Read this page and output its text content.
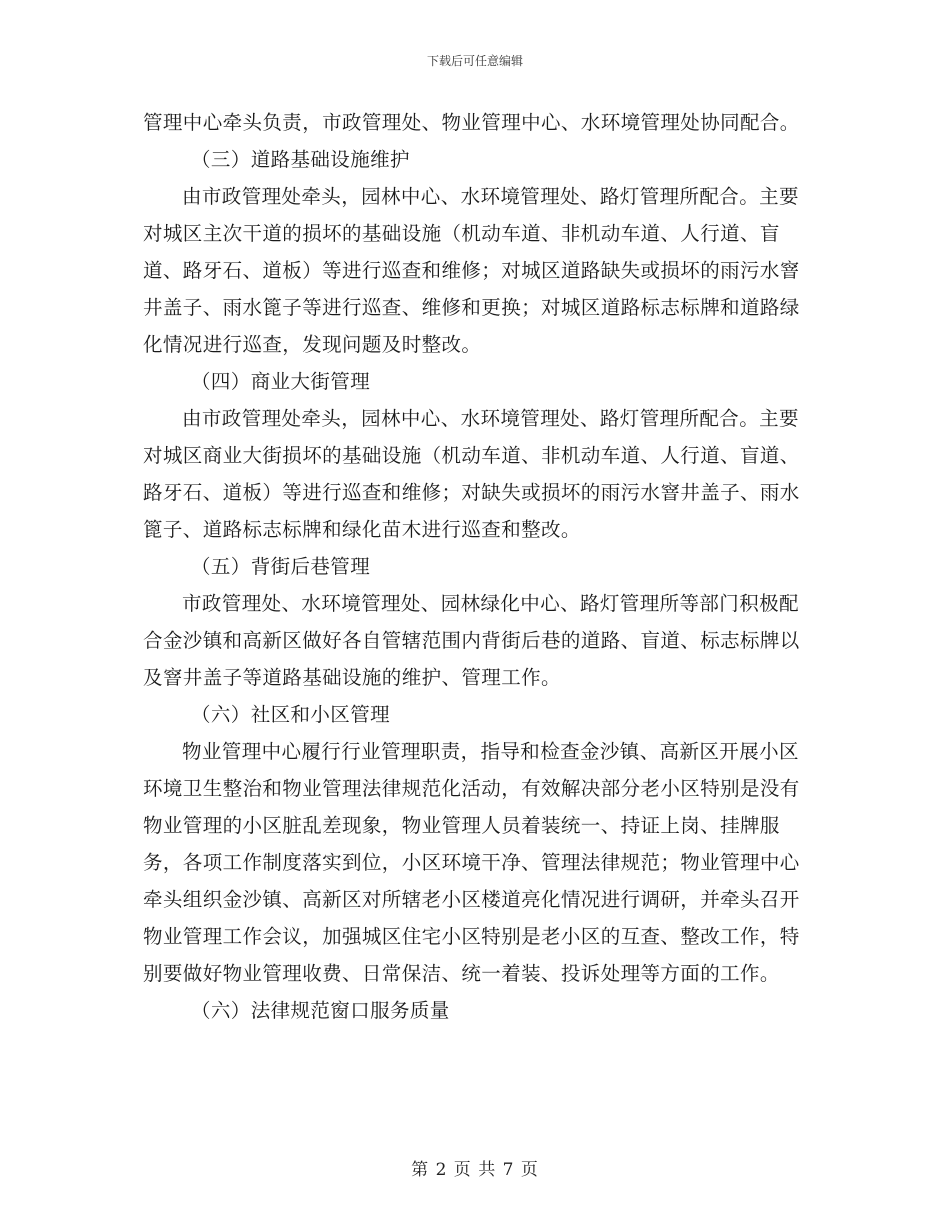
下载后可任意编辑

管理中心牵头负责，市政管理处、物业管理中心、水环境管理处协同配合。

（三）道路基础设施维护

由市政管理处牵头，园林中心、水环境管理处、路灯管理所配合。主要对城区主次干道的损坏的基础设施（机动车道、非机动车道、人行道、盲道、路牙石、道板）等进行巡查和维修；对城区道路缺失或损坏的雨污水窨井盖子、雨水篦子等进行巡查、维修和更换；对城区道路标志标牌和道路绿化情况进行巡查，发现问题及时整改。

（四）商业大街管理

由市政管理处牵头，园林中心、水环境管理处、路灯管理所配合。主要对城区商业大街损坏的基础设施（机动车道、非机动车道、人行道、盲道、路牙石、道板）等进行巡查和维修；对缺失或损坏的雨污水窨井盖子、雨水篦子、道路标志标牌和绿化苗木进行巡查和整改。

（五）背街后巷管理

市政管理处、水环境管理处、园林绿化中心、路灯管理所等部门积极配合金沙镇和高新区做好各自管辖范围内背街后巷的道路、盲道、标志标牌以及窨井盖子等道路基础设施的维护、管理工作。

（六）社区和小区管理

物业管理中心履行行业管理职责，指导和检查金沙镇、高新区开展小区环境卫生整治和物业管理法律规范化活动，有效解决部分老小区特别是没有物业管理的小区脏乱差现象，物业管理人员着装统一、持证上岗、挂牌服务，各项工作制度落实到位，小区环境干净、管理法律规范；物业管理中心牵头组织金沙镇、高新区对所辖老小区楼道亮化情况进行调研，并牵头召开物业管理工作会议，加强城区住宅小区特别是老小区的互查、整改工作，特别要做好物业管理收费、日常保洁、统一着装、投诉处理等方面的工作。

（六）法律规范窗口服务质量

第 2 页 共 7 页
